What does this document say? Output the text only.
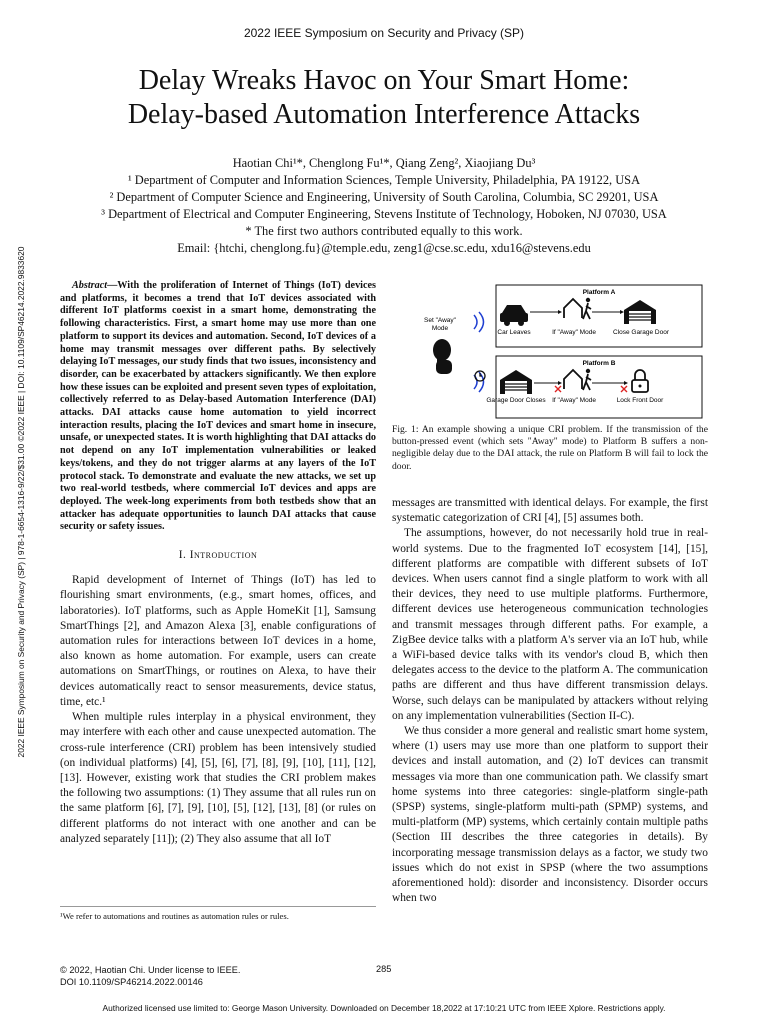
2022 IEEE Symposium on Security and Privacy (SP)
Delay Wreaks Havoc on Your Smart Home:
Delay-based Automation Interference Attacks
Haotian Chi¹*, Chenglong Fu¹*, Qiang Zeng², Xiaojiang Du³
¹ Department of Computer and Information Sciences, Temple University, Philadelphia, PA 19122, USA
² Department of Computer Science and Engineering, University of South Carolina, Columbia, SC 29201, USA
³ Department of Electrical and Computer Engineering, Stevens Institute of Technology, Hoboken, NJ 07030, USA
* The first two authors contributed equally to this work.
Email: {htchi, chenglong.fu}@temple.edu, zeng1@cse.sc.edu, xdu16@stevens.edu
2022 IEEE Symposium on Security and Privacy (SP) | 978-1-6654-1316-9/22/$31.00 ©2022 IEEE | DOI: 10.1109/SP46214.2022.9833620	Abstract—With the proliferation of Internet of Things (IoT) devices and platforms, it becomes a trend that IoT devices associated with different IoT platforms coexist in a smart home, demonstrating the following characteristics. First, a smart home may use more than one platform to support its devices and automation. Second, IoT devices of a home may transmit messages over different paths. By selectively delaying IoT messages, our study finds that two issues, inconsistency and disorder, can be exacerbated by attackers significantly. We then explore how these issues can be exploited and present seven types of exploitation, collectively referred to as Delay-based Automation Interference (DAI) attacks. DAI attacks cause home automation to yield incorrect interaction results, placing the IoT devices and smart home in insecure, unsafe, or unexpected states. It is worth highlighting that DAI attacks do not depend on any IoT implementation vulnerabilities or leaked keys/tokens, and they do not trigger alarms at any layers of the IoT protocol stack. To demonstrate and evaluate the new attacks, we set up two real-world testbeds, where commercial IoT devices and apps are deployed. The week-long experiments from both testbeds show that an attacker has adequate opportunities to launch DAI attacks that cause security or safety issues.

I. Introduction

Rapid development of Internet of Things (IoT) has led to flourishing smart environments, (e.g., smart homes, offices, and laboratories). IoT platforms, such as Apple HomeKit [1], Samsung SmartThings [2], and Amazon Alexa [3], enable configurations of automation rules for interactions between IoT devices in a home, also known as home automation. For example, users can create automations on SmartThings, or routines on Alexa, to have their devices automatically react to sensor measurements, device status, time, etc.¹

When multiple rules interplay in a physical environment, they may interfere with each other and cause unexpected automation. The cross-rule interference (CRI) problem has been intensively studied (on individual platforms) [4], [5], [6], [7], [8], [9], [10], [11], [12], [13]. However, existing work that studies the CRI problem makes the following two assumptions: (1) They assume that all rules run on the same platform [6], [7], [9], [10], [5], [12], [13], [8] (or rules on different platforms do not interact with one another and can be analyzed separately [11]); (2) They also assume that all IoT

¹We refer to automations and routines as automation rules or rules.
Set "Away" Mode
Platform A
Car Leaves	If "Away" Mode	Close Garage Door
Platform B
Garage Door Closes If "Away" Mode	Lock Front Door
Fig. 1: An example showing a unique CRI problem. If the transmission of the button-pressed event (which sets "Away" mode) to Platform B suffers a non-negligible delay due to the DAI attack, the rule on Platform B will fail to lock the door.

messages are transmitted with identical delays. For example, the first systematic categorization of CRI [4], [5] assumes both.

The assumptions, however, do not necessarily hold true in real-world systems. Due to the fragmented IoT ecosystem [14], [15], different platforms are compatible with different subsets of IoT devices. When users cannot find a single platform to work with all their devices, they need to use multiple platforms. Furthermore, different devices use heterogeneous communication technologies and transmit messages through different paths. For example, a ZigBee device talks with a platform A's server via an IoT hub, while a WiFi-based device talks with its vendor's cloud B, which then delegates access to the device to the platform A. The communication paths are different and thus have different transmission delays. Worse, such delays can be manipulated by attackers without relying on any implementation vulnerabilities (Section II-C).

We thus consider a more general and realistic smart home system, where (1) users may use more than one platform to support their devices and install automation, and (2) IoT devices can transmit messages via more than one communication path. We classify smart home systems into three categories: single-platform single-path (SPSP) systems, single-platform multi-path (SPMP) systems, and multi-platform (MP) systems, which certainly contain multiple paths (Section III describes the three categories in details). By incorporating message transmission delays as a factor, we study two issues which do not exist in SPSP (where the two assumptions aforementioned hold): disorder and inconsistency. Disorder occurs when two

© 2022, Haotian Chi. Under license to IEEE.
DOI 10.1109/SP46214.2022.00146
285
Authorized licensed use limited to: George Mason University. Downloaded on December 18,2022 at 17:10:21 UTC from IEEE Xplore. Restrictions apply.
